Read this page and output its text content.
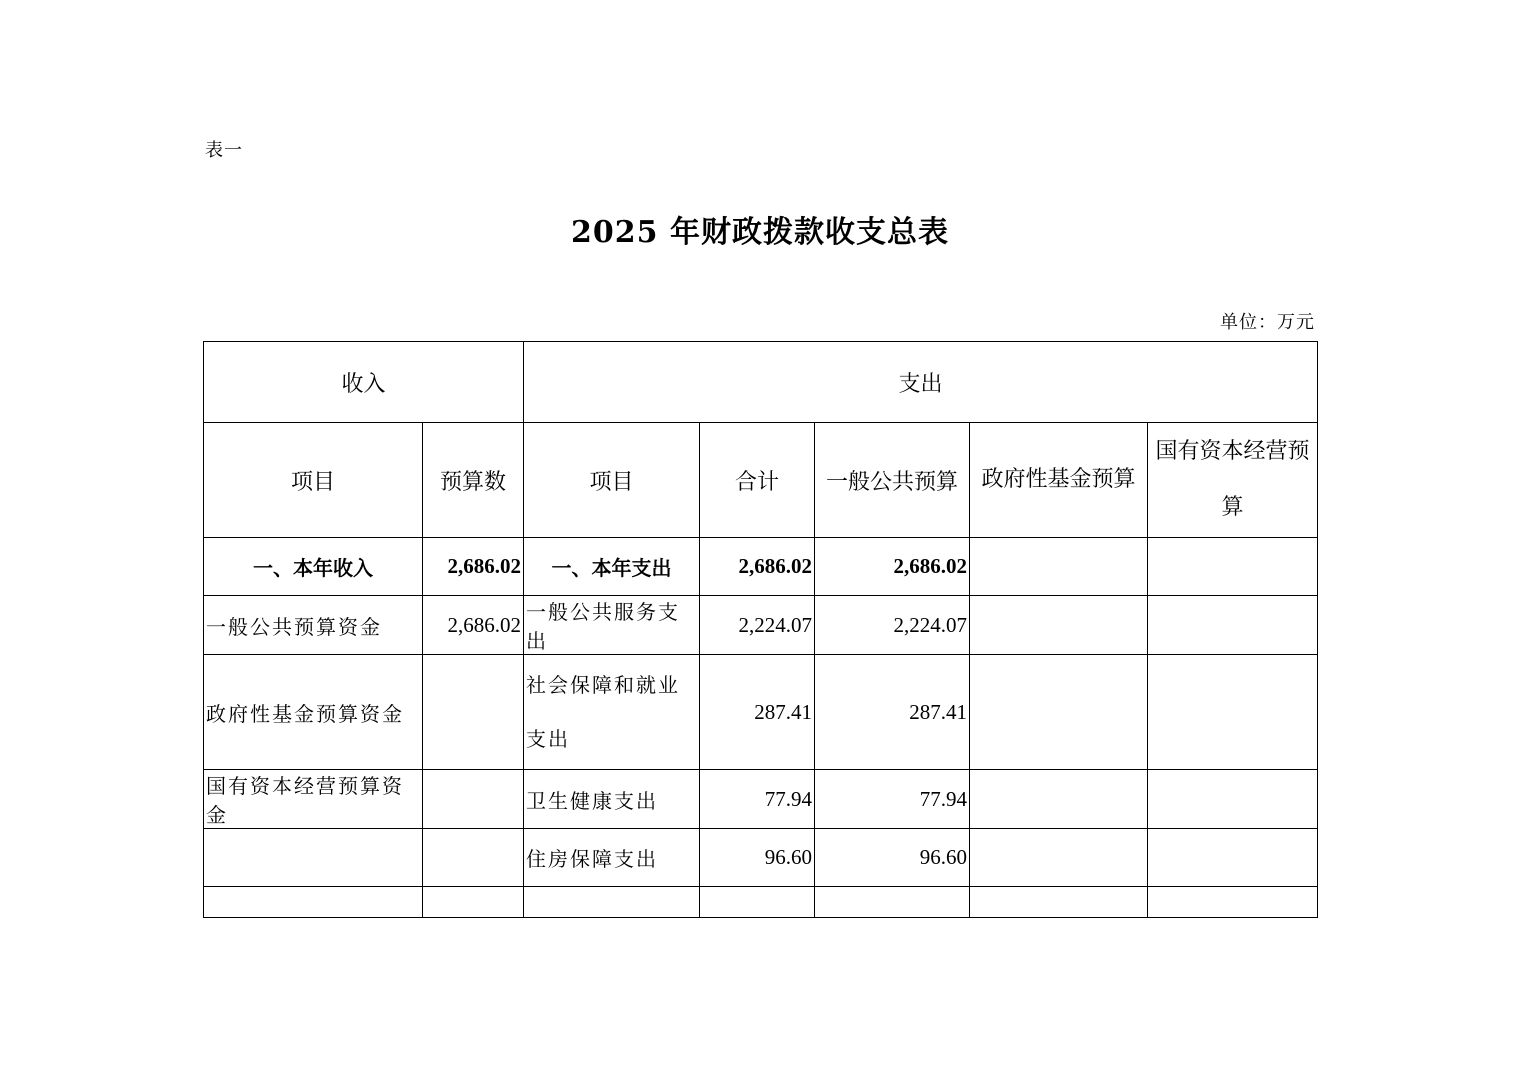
表一
2025 年财政拨款收支总表
单位：万元
收入		支出				
项目	预算数	项目	合计	一般公共预算	政府性基金预算	国有资本经营预算
一、本年收入	2,686.02	一、本年支出	2,686.02	2,686.02		
一般公共预算资金	2,686.02	一般公共服务支出	2,224.07	2,224.07		
政府性基金预算资金		社会保障和就业支出	287.41	287.41		
国有资本经营预算资金		卫生健康支出	77.94	77.94		
		住房保障支出	96.60	96.60		
